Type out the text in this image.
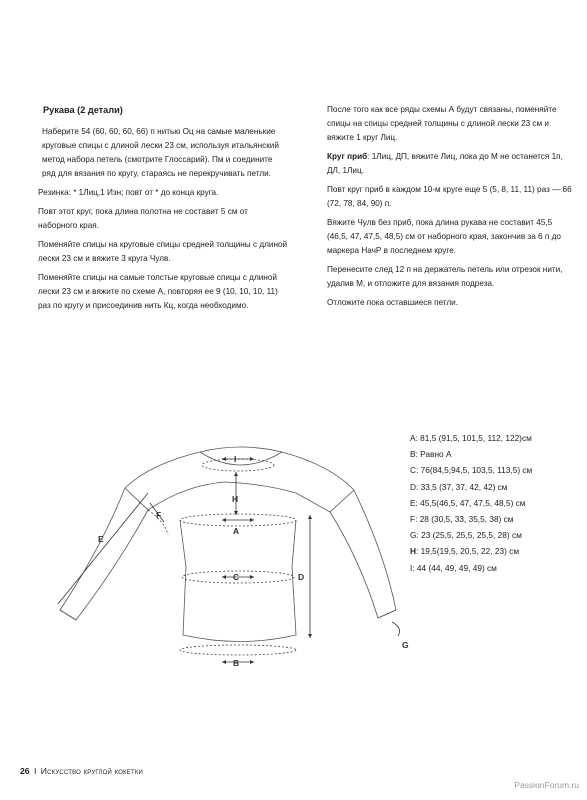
Рукава (2 детали)

Наберите 54 (60, 60, 60, 66) п нитью Оц на самые маленькие круговые спицы с длиной лески 23 см, используя итальянский метод набора петель (смотрите Глоссарий). Пм и соедините ряд для вязания по кругу, стараясь не перекручивать петли.

Резинка: * 1Лиц,1 Изн; повт от * до конца круга.

Повт этот круг, пока длина полотна не составит 5 см от наборного края.

Поменяйте спицы на круговые спицы средней толщины с длиной лески 23 см и вяжите 3 круга Чулв.

Поменяйте спицы на самые толстые круговые спицы с длиной лески 23 см и вяжите по схеме А, повторяя ее 9 (10, 10, 10, 11) раз по кругу и присоединив нить Кц, когда необходимо.

После того как все ряды схемы А будут связаны, поменяйте спицы на спицы средней толщины с длиной лески 23 см и вяжите 1 круг Лиц.

Круг приб: 1Лиц, ДП, вяжите Лиц, пока до М не останется 1п, ДЛ, 1Лиц.

Повт круг приб в каждом 10-м круге еще 5 (5, 8, 11, 11) раз — 66 (72, 78, 84, 90) п.

Вяжите Чулв без приб, пока длина рукава не составит 45,5 (46,5, 47, 47,5, 48,5) см от наборного края, закончив за 6 п до маркера НачР в последнем круге.

Перенесите след 12 п на держатель петель или отрезок нити, удалив М, и отложите для вязания подреза.

Отложите пока оставшиеся петли.

I
H
A
C	D
B
E
F
G
A: 81,5 (91,5, 101,5, 112, 122)см
B: Равно А
C: 76(84,5,94,5, 103,5, 113,5) см
D: 33,5 (37, 37, 42, 42) см
E: 45,5(46,5, 47, 47,5, 48,5) см
F: 28 (30,5, 33, 35,5, 38) см
G: 23 (25,5, 25,5, 25,5, 28) см
H: 19,5(19,5, 20,5, 22, 23) см
I: 44 (44, 49, 49, 49) см
26 I Искусство круглой кокетки
PassionForum.ru
